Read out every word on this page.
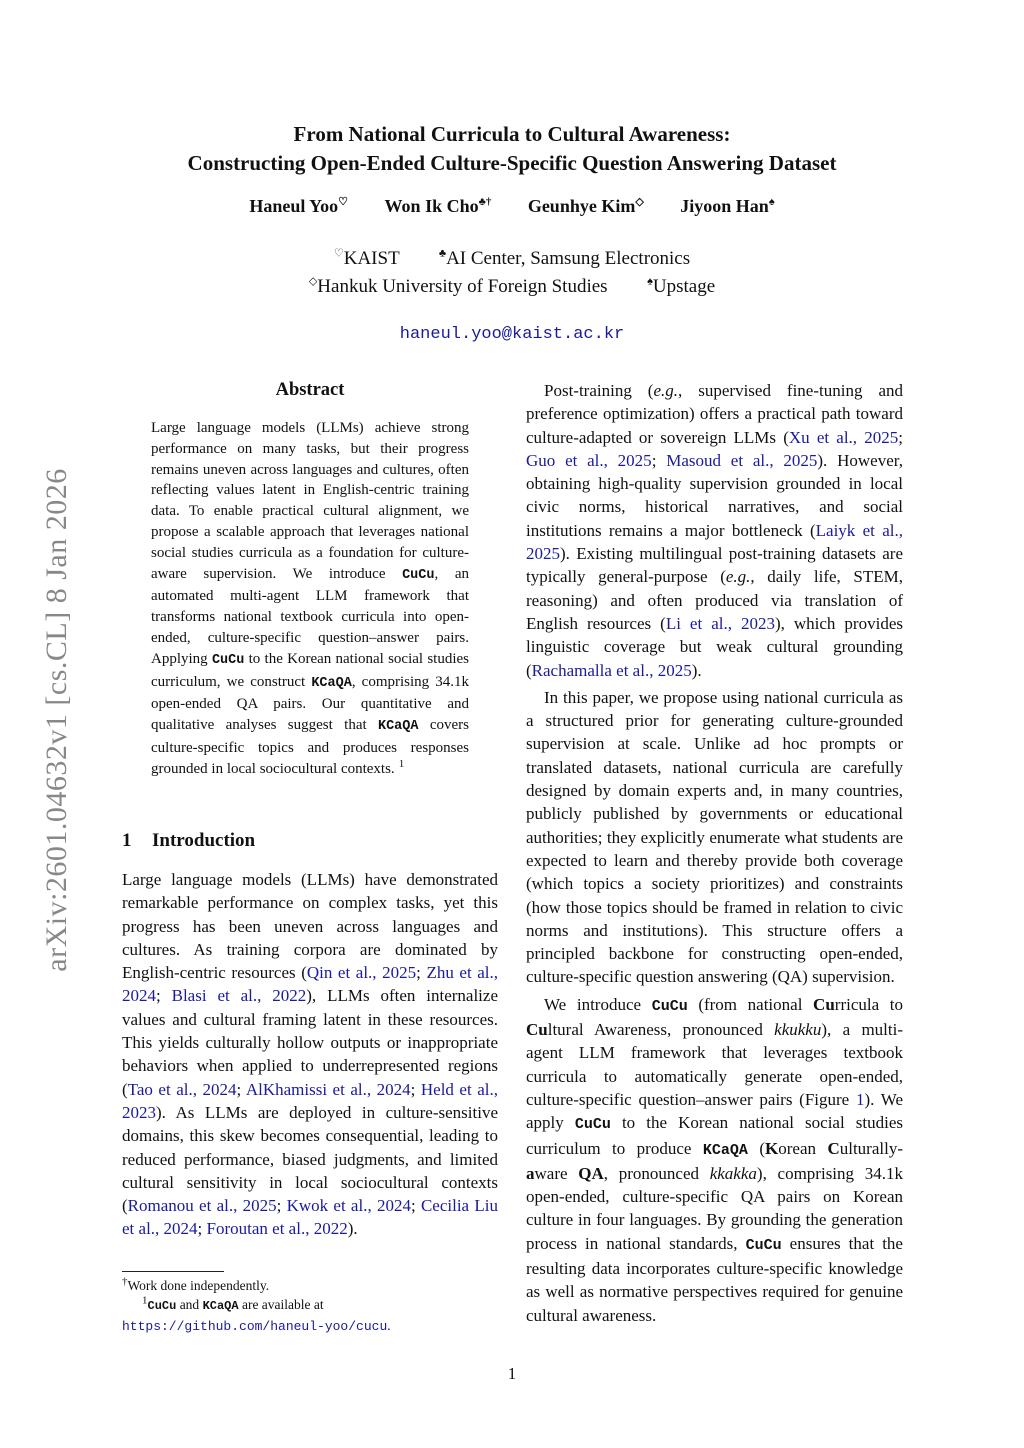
From National Curricula to Cultural Awareness:
Constructing Open-Ended Culture-Specific Question Answering Dataset
Haneul Yoo♡ Won Ik Cho♣† Geunhye Kim◇ Jiyoon Han♠
♡KAIST	♣AI Center, Samsung Electronics
◇Hankuk University of Foreign Studies	♠Upstage
haneul.yoo@kaist.ac.kr
arXiv:2601.04632v1 [cs.CL] 8 Jan 2026
Abstract
Large language models (LLMs) achieve strong performance on many tasks, but their progress remains uneven across languages and cultures, often reflecting values latent in English-centric training data. To enable practical cultural alignment, we propose a scalable approach that leverages national social studies curricula as a foundation for culture-aware supervision. We introduce CuCu, an automated multi-agent LLM framework that transforms national textbook curricula into open-ended, culture-specific question–answer pairs. Applying CuCu to the Korean national social studies curriculum, we construct KCaQA, comprising 34.1k open-ended QA pairs. Our quantitative and qualitative analyses suggest that KCaQA covers culture-specific topics and produces responses grounded in local sociocultural contexts. $^1$
1 Introduction
Large language models (LLMs) have demonstrated remarkable performance on complex tasks, yet this progress has been uneven across languages and cultures. As training corpora are dominated by English-centric resources (Qin et al., 2025; Zhu et al., 2024; Blasi et al., 2022), LLMs often internalize values and cultural framing latent in these resources. This yields culturally hollow outputs or inappropriate behaviors when applied to underrepresented regions (Tao et al., 2024; AlKhamissi et al., 2024; Held et al., 2023). As LLMs are deployed in culture-sensitive domains, this skew becomes consequential, leading to reduced performance, biased judgments, and limited cultural sensitivity in local sociocultural contexts (Romanou et al., 2025; Kwok et al., 2024; Cecilia Liu et al., 2024; Foroutan et al., 2022).

Post-training (e.g., supervised fine-tuning and preference optimization) offers a practical path toward culture-adapted or sovereign LLMs (Xu et al., 2025; Guo et al., 2025; Masoud et al., 2025). However, obtaining high-quality supervision grounded in local civic norms, historical narratives, and social institutions remains a major bottleneck (Laiyk et al., 2025). Existing multilingual post-training datasets are typically general-purpose (e.g., daily life, STEM, reasoning) and often produced via translation of English resources (Li et al., 2023), which provides linguistic coverage but weak cultural grounding (Rachamalla et al., 2025).

In this paper, we propose using national curricula as a structured prior for generating culture-grounded supervision at scale. Unlike ad hoc prompts or translated datasets, national curricula are carefully designed by domain experts and, in many countries, publicly published by governments or educational authorities; they explicitly enumerate what students are expected to learn and thereby provide both coverage (which topics a society prioritizes) and constraints (how those topics should be framed in relation to civic norms and institutions). This structure offers a principled backbone for constructing open-ended, culture-specific question answering (QA) supervision.

We introduce CuCu (from national Curricula to Cultural Awareness, pronounced kkukku), a multi-agent LLM framework that leverages textbook curricula to automatically generate open-ended, culture-specific question–answer pairs (Figure 1). We apply CuCu to the Korean national social studies curriculum to produce KCaQA (Korean Culturally-aware QA, pronounced kkakka), comprising 34.1k open-ended, culture-specific QA pairs on Korean culture in four languages. By grounding the generation process in national standards, CuCu ensures that the resulting data incorporates culture-specific knowledge as well as normative perspectives required for genuine cultural awareness.

†Work done independently.
$^1$CuCu and KCaQA are available at
https://github.com/haneul-yoo/cucu.
1
